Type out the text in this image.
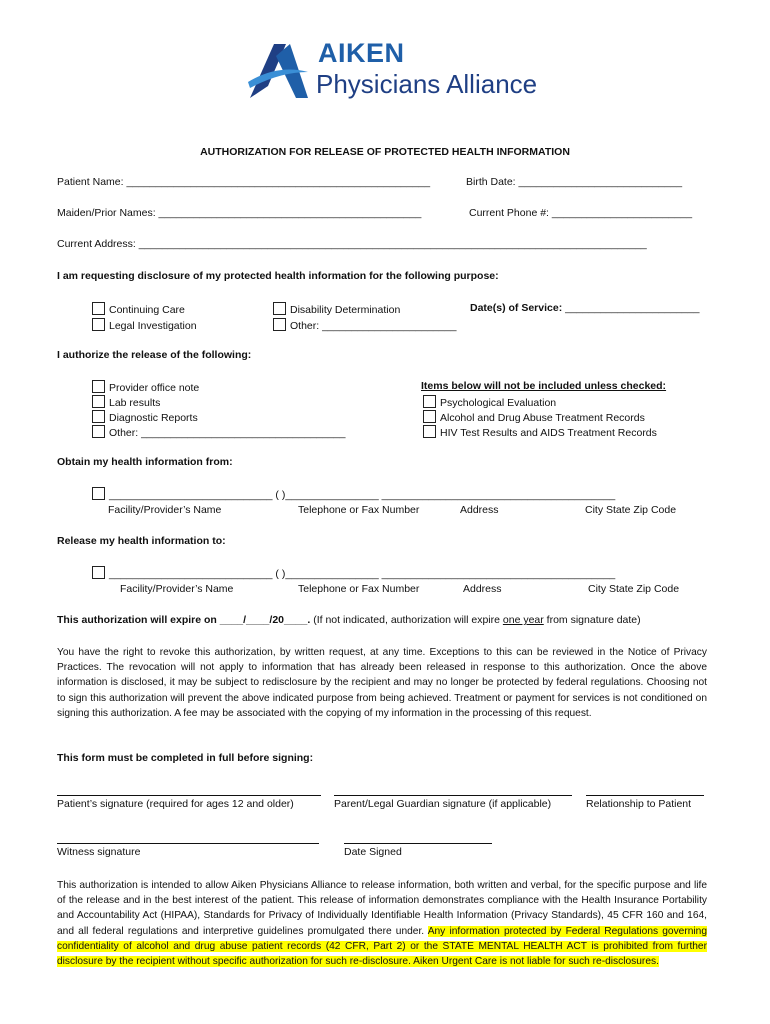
AIKEN
Physicians Alliance
AUTHORIZATION FOR RELEASE OF PROTECTED HEALTH INFORMATION
Patient Name: ____________________________________________________	Birth Date: ____________________________
Maiden/Prior Names: _____________________________________________	Current Phone #: ________________________
Current Address: _______________________________________________________________________________________
I am requesting disclosure of my protected health information for the following purpose:
Continuing Care
Legal Investigation
Disability Determination
Other: _______________________
Date(s) of Service: _______________________
I authorize the release of the following:
Provider office note
Lab results
Diagnostic Reports
Other: ___________________________________
Items below will not be included unless checked:
Psychological Evaluation
Alcohol and Drug Abuse Treatment Records
HIV Test Results and AIDS Treatment Records
Obtain my health information from:
____________________________ ( )________________ ________________________________________
Facility/Provider’s Name	Telephone or Fax Number	Address	City State Zip Code
Release my health information to:
____________________________ ( )________________ ________________________________________
Facility/Provider’s Name	Telephone or Fax Number	Address	City State Zip Code
This authorization will expire on ____/____/20____. (If not indicated, authorization will expire one year from signature date)
You have the right to revoke this authorization, by written request, at any time. Exceptions to this can be reviewed in the Notice of Privacy Practices. The revocation will not apply to information that has already been released in response to this authorization. Once the above information is disclosed, it may be subject to redisclosure by the recipient and may no longer be protected by federal regulations. Choosing not to sign this authorization will prevent the above indicated purpose from being achieved. Treatment or payment for services is not conditioned on signing this authorization. A fee may be associated with the copying of my information in the processing of this request.
This form must be completed in full before signing:
Patient’s signature (required for ages 12 and older)	Parent/Legal Guardian signature (if applicable)	Relationship to Patient
Witness signature	Date Signed
This authorization is intended to allow Aiken Physicians Alliance to release information, both written and verbal, for the specific purpose and life of the release and in the best interest of the patient. This release of information demonstrates compliance with the Health Insurance Portability and Accountability Act (HIPAA), Standards for Privacy of Individually Identifiable Health Information (Privacy Standards), 45 CFR 160 and 164, and all federal regulations and interpretive guidelines promulgated there under. Any information protected by Federal Regulations governing confidentiality of alcohol and drug abuse patient records (42 CFR, Part 2) or the STATE MENTAL HEALTH ACT is prohibited from further disclosure by the recipient without specific authorization for such re-disclosure. Aiken Urgent Care is not liable for such re-disclosures.
